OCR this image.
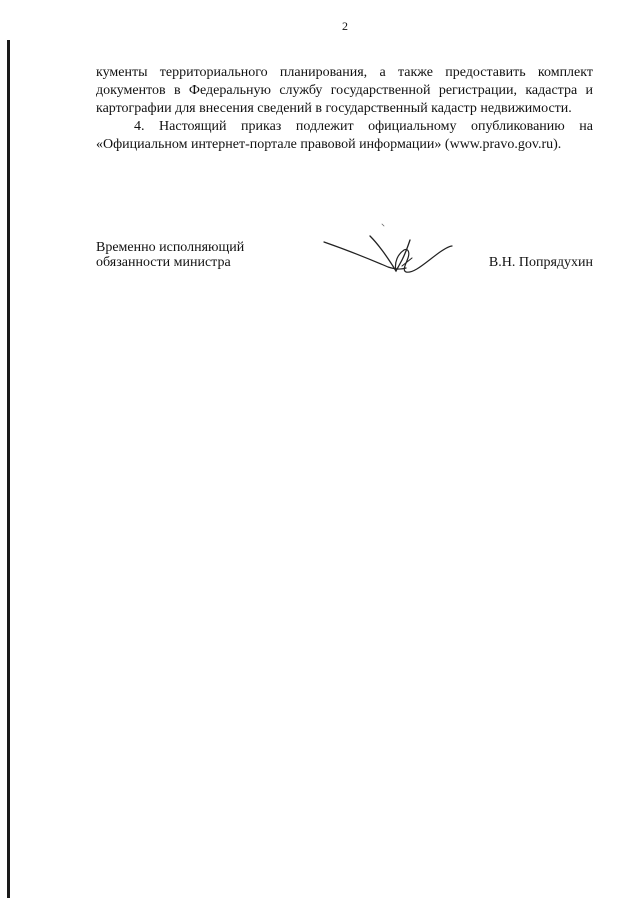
2

кументы территориального планирования, а также предоставить комплект документов в Федеральную службу государственной регистрации, кадастра и картографии для внесения сведений в государственный кадастр недвижимости.

4. Настоящий приказ подлежит официальному опубликованию на «Официальном интернет-портале правовой информации» (www.pravo.gov.ru).

Временно исполняющий
обязанности министра	В.Н. Попрядухин
